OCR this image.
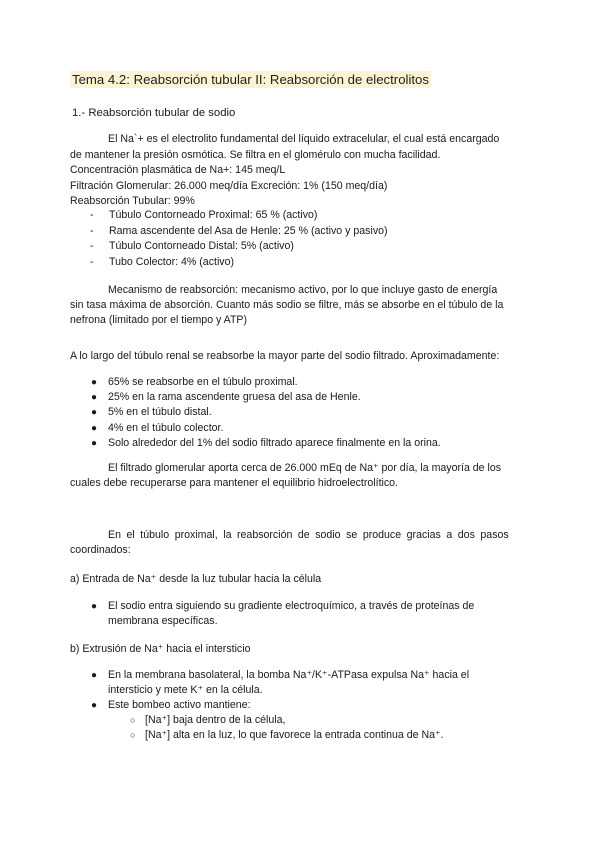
Tema 4.2: Reabsorción tubular II: Reabsorción de electrolitos
1.- Reabsorción tubular de sodio
El Na`+ es el electrolito fundamental del líquido extracelular, el cual está encargado
de mantener la presión osmótica. Se filtra en el glomérulo con mucha facilidad.
Concentración plasmática de Na+: 145 meq/L
Filtración Glomerular: 26.000 meq/día Excreción: 1% (150 meq/día)
Reabsorción Tubular: 99%
- Túbulo Contorneado Proximal: 65 % (activo)
- Rama ascendente del Asa de Henle: 25 % (activo y pasivo)
- Túbulo Contorneado Distal: 5% (activo)
- Tubo Colector: 4% (activo)
Mecanismo de reabsorción: mecanismo activo, por lo que incluye gasto de energía
sin tasa máxima de absorción. Cuanto más sodio se filtre, más se absorbe en el túbulo de la
nefrona (limitado por el tiempo y ATP)
A lo largo del túbulo renal se reabsorbe la mayor parte del sodio filtrado. Aproximadamente:
● 65% se reabsorbe en el túbulo proximal.
● 25% en la rama ascendente gruesa del asa de Henle.
● 5% en el túbulo distal.
● 4% en el túbulo colector.
● Solo alrededor del 1% del sodio filtrado aparece finalmente en la orina.
El filtrado glomerular aporta cerca de 26.000 mEq de Na⁺ por día, la mayoría de los
cuales debe recuperarse para mantener el equilibrio hidroelectrolítico.
En el túbulo proximal, la reabsorción de sodio se produce gracias a dos pasos
coordinados:
a) Entrada de Na⁺ desde la luz tubular hacia la célula
● El sodio entra siguiendo su gradiente electroquímico, a través de proteínas de
membrana específicas.
b) Extrusión de Na⁺ hacia el intersticio
● En la membrana basolateral, la bomba Na⁺/K⁺-ATPasa expulsa Na⁺ hacia el
intersticio y mete K⁺ en la célula.
● Este bombeo activo mantiene:
○ [Na⁺] baja dentro de la célula,
○ [Na⁺] alta en la luz, lo que favorece la entrada continua de Na⁺.
